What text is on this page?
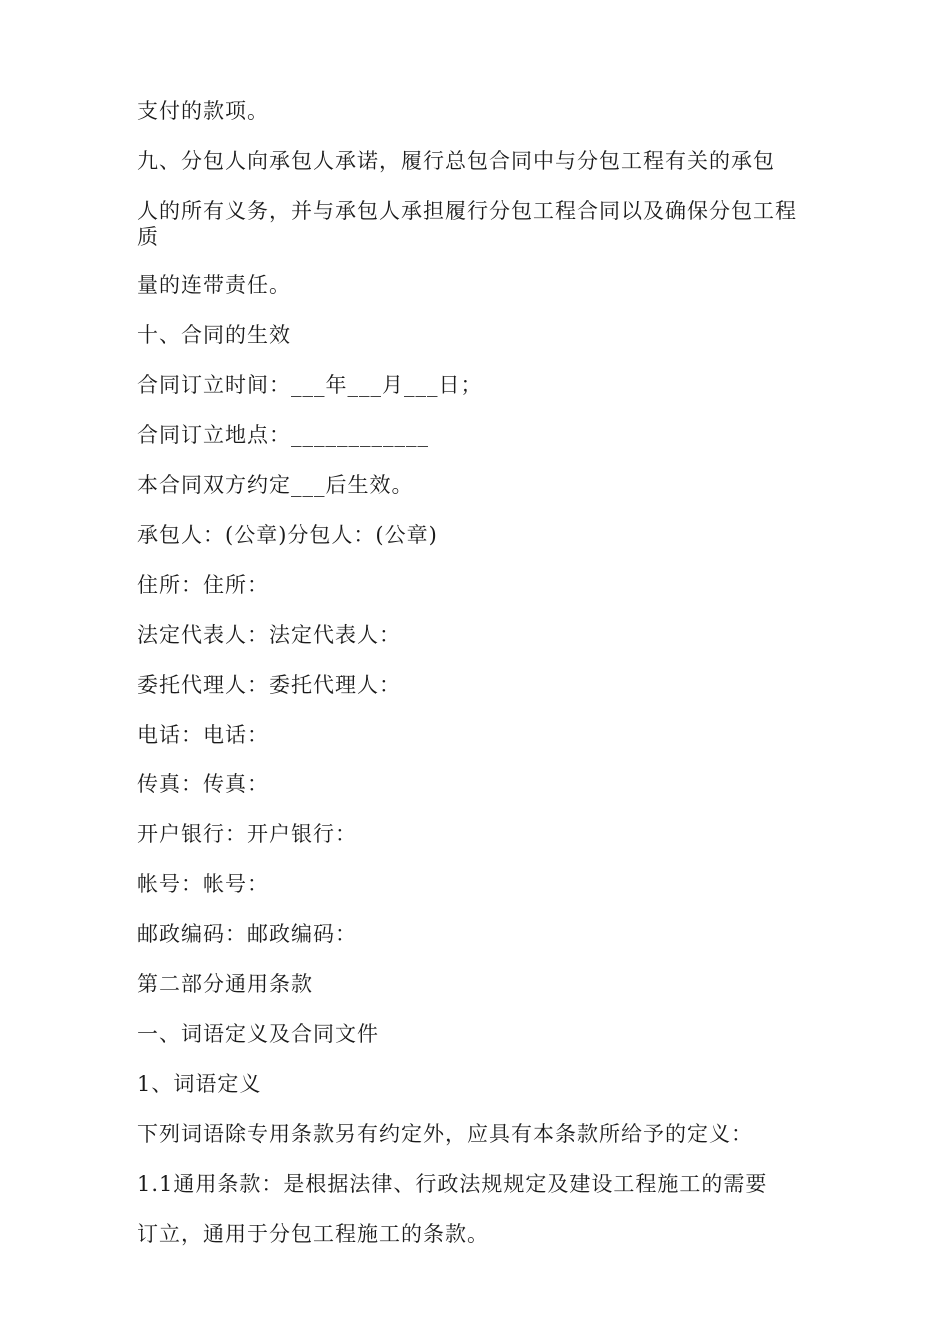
支付的款项。
九、分包人向承包人承诺，履行总包合同中与分包工程有关的承包
人的所有义务，并与承包人承担履行分包工程合同以及确保分包工程质
量的连带责任。
十、合同的生效
合同订立时间：___年___月___日；
合同订立地点：____________
本合同双方约定___后生效。
承包人：(公章)分包人：(公章)
住所：住所：
法定代表人：法定代表人：
委托代理人：委托代理人：
电话：电话：
传真：传真：
开户银行：开户银行：
帐号：帐号：
邮政编码：邮政编码：
第二部分通用条款
一、词语定义及合同文件
1、词语定义
下列词语除专用条款另有约定外，应具有本条款所给予的定义：
1.1通用条款：是根据法律、行政法规规定及建设工程施工的需要
订立，通用于分包工程施工的条款。
